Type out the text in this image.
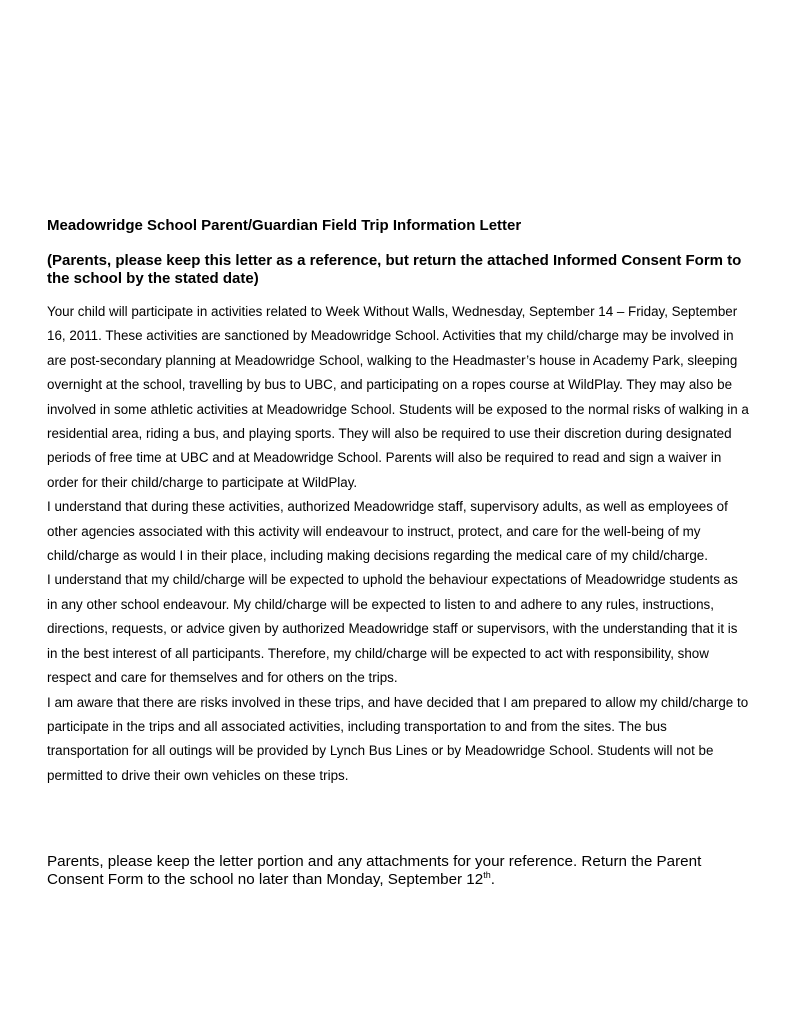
Meadowridge School Parent/Guardian Field Trip Information Letter
(Parents, please keep this letter as a reference, but return the attached Informed Consent Form to the school by the stated date)

Your child will participate in activities related to Week Without Walls, Wednesday, September 14 – Friday, September 16, 2011. These activities are sanctioned by Meadowridge School. Activities that my child/charge may be involved in are post-secondary planning at Meadowridge School, walking to the Headmaster’s house in Academy Park, sleeping overnight at the school, travelling by bus to UBC, and participating on a ropes course at WildPlay. They may also be involved in some athletic activities at Meadowridge School. Students will be exposed to the normal risks of walking in a residential area, riding a bus, and playing sports. They will also be required to use their discretion during designated periods of free time at UBC and at Meadowridge School. Parents will also be required to read and sign a waiver in order for their child/charge to participate at WildPlay.

I understand that during these activities, authorized Meadowridge staff, supervisory adults, as well as employees of other agencies associated with this activity will endeavour to instruct, protect, and care for the well-being of my child/charge as would I in their place, including making decisions regarding the medical care of my child/charge.

I understand that my child/charge will be expected to uphold the behaviour expectations of Meadowridge students as in any other school endeavour. My child/charge will be expected to listen to and adhere to any rules, instructions, directions, requests, or advice given by authorized Meadowridge staff or supervisors, with the understanding that it is in the best interest of all participants. Therefore, my child/charge will be expected to act with responsibility, show respect and care for themselves and for others on the trips.

I am aware that there are risks involved in these trips, and have decided that I am prepared to allow my child/charge to participate in the trips and all associated activities, including transportation to and from the sites. The bus transportation for all outings will be provided by Lynch Bus Lines or by Meadowridge School. Students will not be permitted to drive their own vehicles on these trips.

Parents, please keep the letter portion and any attachments for your reference. Return the Parent Consent Form to the school no later than Monday, September 12th.
